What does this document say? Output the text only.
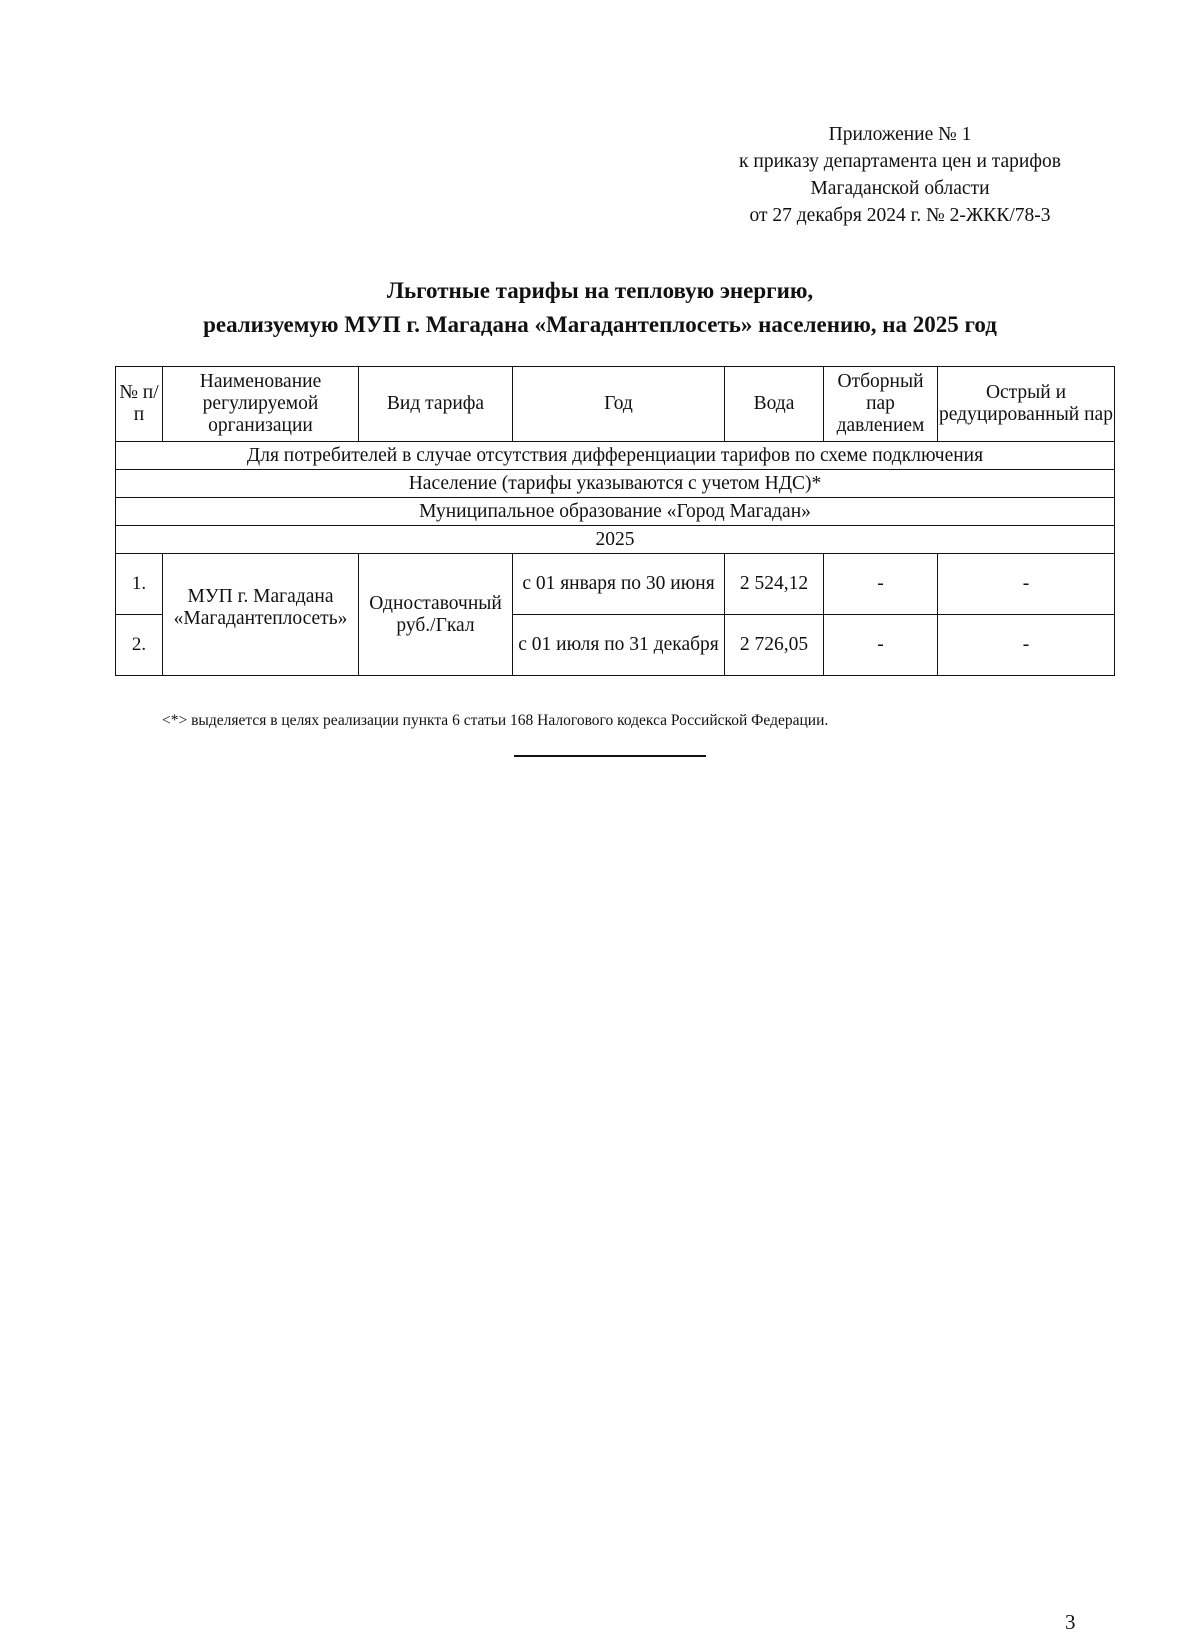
Приложение № 1
к приказу департамента цен и тарифов
Магаданской области
от 27 декабря 2024 г. № 2-ЖКК/78-3
Льготные тарифы на тепловую энергию,
реализуемую МУП г. Магадана «Магадантеплосеть» населению, на 2025 год
№ п/п	Наименование регулируемой организации	Вид тарифа	Год	Вода	Отборный пар давлением	Острый и редуцированный пар
Для потребителей в случае отсутствия дифференциации тарифов по схеме подключения						
Население (тарифы указываются с учетом НДС)*						
Муниципальное образование «Город Магадан»						
2025						
1.	МУП г. Магадана «Магадантеплосеть»	Одноставочный руб./Гкал	с 01 января по 30 июня	2 524,12	-	-
2.			с 01 июля по 31 декабря	2 726,05	-	-
<*> выделяется в целях реализации пункта 6 статьи 168 Налогового кодекса Российской Федерации.
3
